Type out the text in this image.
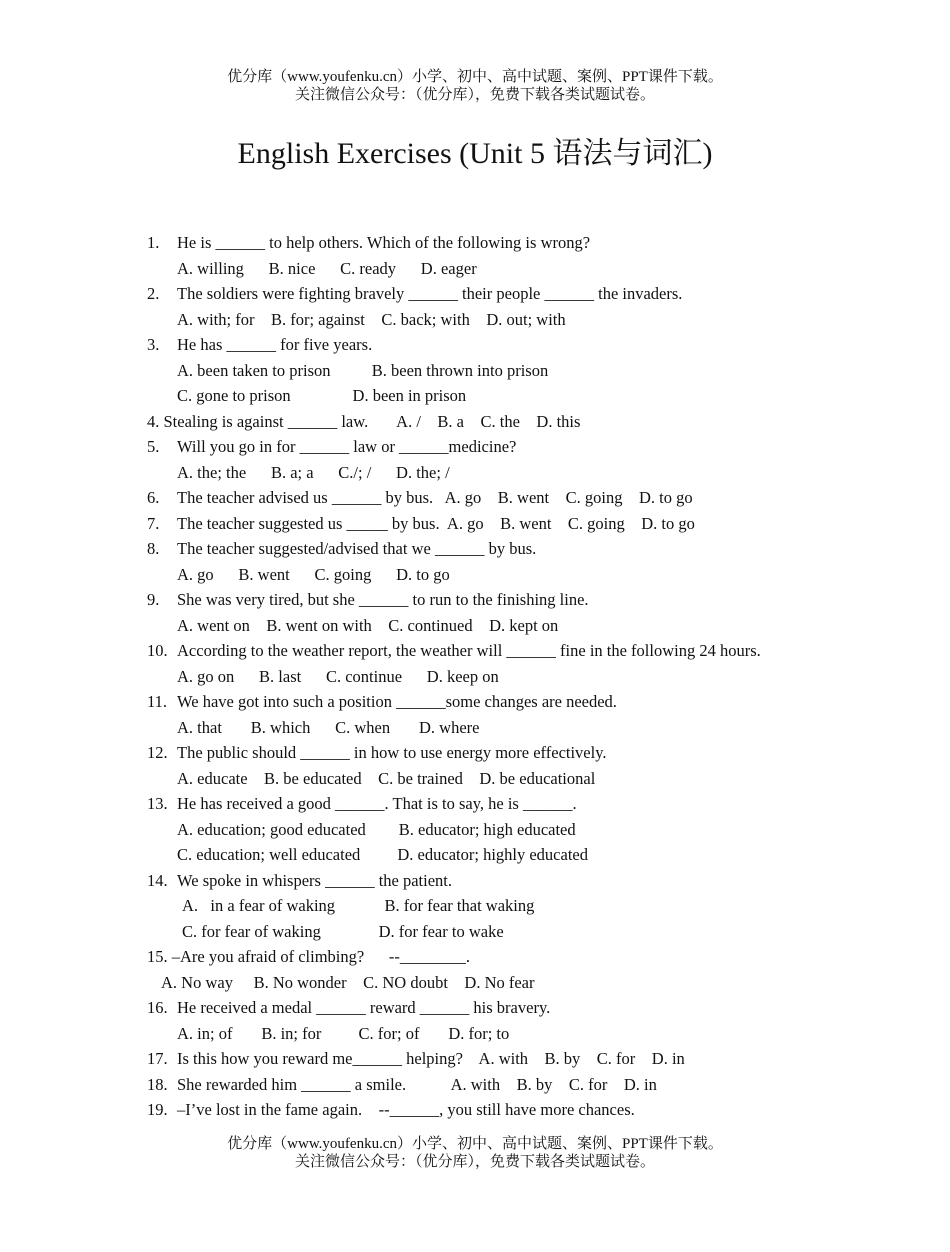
优分库（www.youfenku.cn）小学、初中、高中试题、案例、PPT课件下载。
关注微信公众号：（优分库），免费下载各类试题试卷。
English Exercises (Unit 5 语法与词汇)
1. He is ______ to help others. Which of the following is wrong?
A. willing      B. nice      C. ready      D. eager
2. The soldiers were fighting bravely ______ their people ______ the invaders.
A. with; for    B. for; against    C. back; with    D. out; with
3. He has ______ for five years.
A. been taken to prison          B. been thrown into prison
C. gone to prison               D. been in prison
4. Stealing is against ______ law.       A. /    B. a    C. the    D. this
5. Will you go in for ______ law or ______medicine?
A. the; the      B. a; a      C./; /      D. the; /
6. The teacher advised us ______ by bus.   A. go    B. went    C. going    D. to go
7. The teacher suggested us _____ by bus.  A. go    B. went    C. going    D. to go
8. The teacher suggested/advised that we ______ by bus.
A. go      B. went      C. going      D. to go
9. She was very tired, but she ______ to run to the finishing line.
A. went on    B. went on with    C. continued    D. kept on
10. According to the weather report, the weather will ______ fine in the following 24 hours.
A. go on      B. last      C. continue      D. keep on
11. We have got into such a position ______some changes are needed.
A. that       B. which      C. when       D. where
12. The public should ______ in how to use energy more effectively.
A. educate    B. be educated    C. be trained    D. be educational
13. He has received a good ______. That is to say, he is ______.
A. education; good educated        B. educator; high educated
C. education; well educated         D. educator; highly educated
14. We spoke in whispers ______ the patient.
A.   in a fear of waking            B. for fear that waking
C. for fear of waking              D. for fear to wake
15. –Are you afraid of climbing?      --________.
A. No way     B. No wonder    C. NO doubt    D. No fear
16. He received a medal ______ reward ______ his bravery.
A. in; of       B. in; for         C. for; of       D. for; to
17. Is this how you reward me______ helping?    A. with    B. by    C. for    D. in
18. She rewarded him ______ a smile.           A. with    B. by    C. for    D. in
19. –I’ve lost in the fame again.    --______, you still have more chances.
优分库（www.youfenku.cn）小学、初中、高中试题、案例、PPT课件下载。
关注微信公众号：（优分库），免费下载各类试题试卷。
